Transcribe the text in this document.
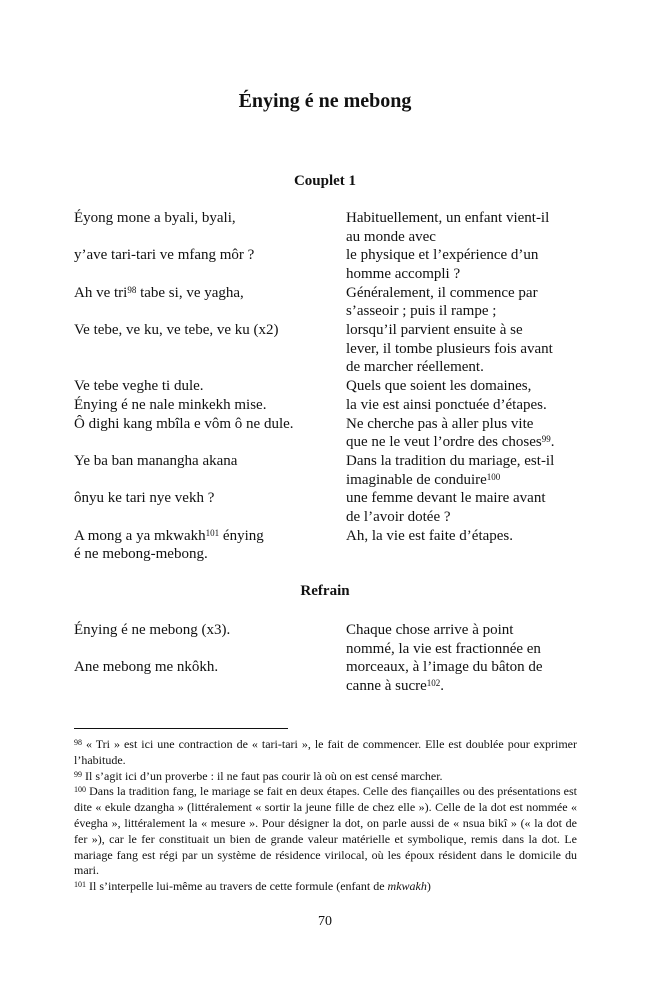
Énying é ne mebong
Couplet 1
Éyong mone a byali, byali,
y’ave tari-tari ve mfang môr ?
Ah ve tri$^{98}$ tabe si, ve yagha,
Ve tebe, ve ku, ve tebe, ve ku (x2)
Ve tebe veghe ti dule.
Énying é ne nale minkekh mise.
Ô dighi kang mbîla e vôm ô ne dule.
Ye ba ban manangha akana
ônyu ke tari nye vekh ?
A mong a ya mkwakh$^{101}$ énying
é ne mebong-mebong.
Habituellement, un enfant vient-il
au monde avec
le physique et l’expérience d’un
homme accompli ?
Généralement, il commence par
s’asseoir ; puis il rampe ;
lorsqu’il parvient ensuite à se
lever, il tombe plusieurs fois avant
de marcher réellement.
Quels que soient les domaines,
la vie est ainsi ponctuée d’étapes.
Ne cherche pas à aller plus vite
que ne le veut l’ordre des choses$^{99}$.
Dans la tradition du mariage, est-il
imaginable de conduire$^{100}$
une femme devant le maire avant
de l’avoir dotée ?
Ah, la vie est faite d’étapes.
Refrain
Énying é ne mebong (x3).
Ane mebong me nkôkh.
Chaque chose arrive à point
nommé, la vie est fractionnée en
morceaux, à l’image du bâton de
canne à sucre$^{102}$.

$^{98}$ « Tri » est ici une contraction de « tari-tari », le fait de commencer. Elle est doublée pour exprimer l’habitude.

$^{99}$ Il s’agit ici d’un proverbe : il ne faut pas courir là où on est censé marcher.

$^{100}$ Dans la tradition fang, le mariage se fait en deux étapes. Celle des fiançailles ou des présentations est dite « ekule dzangha » (littéralement « sortir la jeune fille de chez elle »). Celle de la dot est nommée « évegha », littéralement la « mesure ». Pour désigner la dot, on parle aussi de « nsua bikî » (« la dot de fer »), car le fer constituait un bien de grande valeur matérielle et symbolique, remis dans la dot. Le mariage fang est régi par un système de résidence virilocal, où les époux résident dans le domicile du mari.

$^{101}$ Il s’interpelle lui-même au travers de cette formule (enfant de mkwakh)

70
